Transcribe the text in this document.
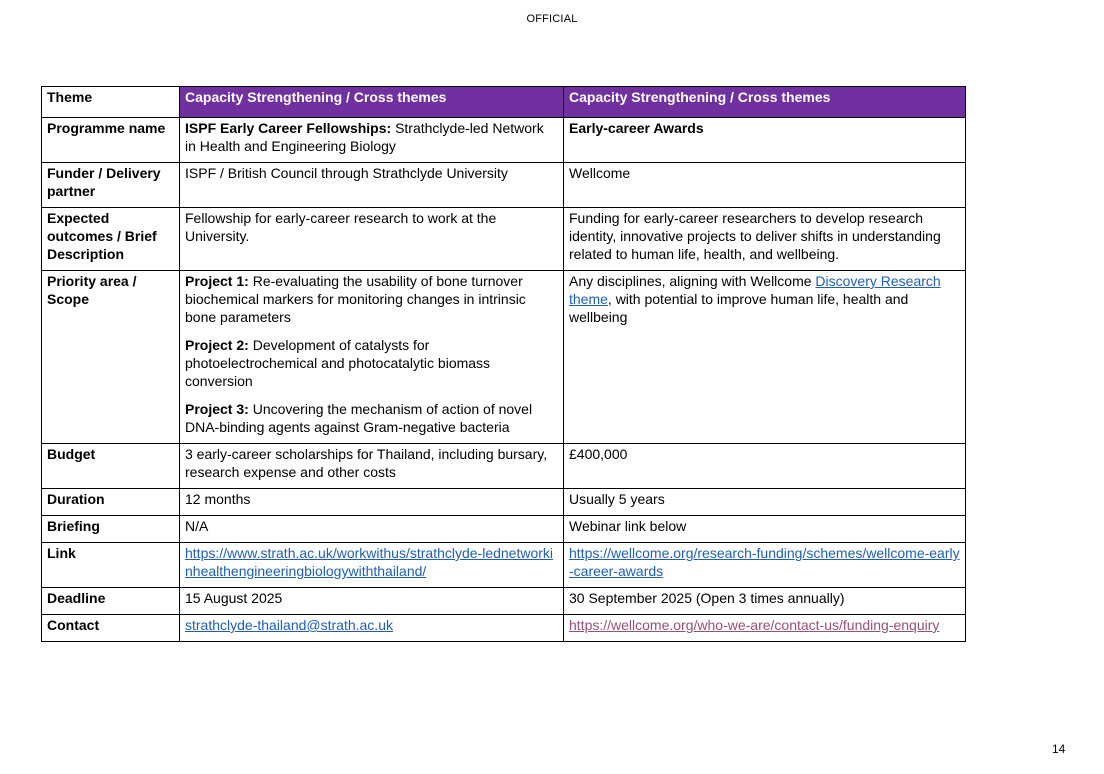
OFFICIAL
Theme	Capacity Strengthening / Cross themes	Capacity Strengthening / Cross themes
Programme name	ISPF Early Career Fellowships: Strathclyde-led Network in Health and Engineering Biology	Early-career Awards
Funder / Delivery partner	ISPF / British Council through Strathclyde University	Wellcome
Expected outcomes / Brief Description	Fellowship for early-career research to work at the University.	Funding for early-career researchers to develop research identity, innovative projects to deliver shifts in understanding related to human life, health, and wellbeing.
Priority area / Scope	Project 1: Re-evaluating the usability of bone turnover biochemical markers for monitoring changes in intrinsic bone parameters
Project 2: Development of catalysts for photoelectrochemical and photocatalytic biomass conversion
Project 3: Uncovering the mechanism of action of novel DNA-binding agents against Gram-negative bacteria	Any disciplines, aligning with Wellcome Discovery Research theme, with potential to improve human life, health and wellbeing
Budget	3 early-career scholarships for Thailand, including bursary, research expense and other costs	£400,000
Duration	12 months	Usually 5 years
Briefing	N/A	Webinar link below
Link	https://www.strath.ac.uk/workwithus/strathclyde-lednetworkinhealthengineeringbiologywiththailand/	https://wellcome.org/research-funding/schemes/wellcome-early-career-awards
Deadline	15 August 2025	30 September 2025 (Open 3 times annually)
Contact	strathclyde-thailand@strath.ac.uk	https://wellcome.org/who-we-are/contact-us/funding-enquiry
14
